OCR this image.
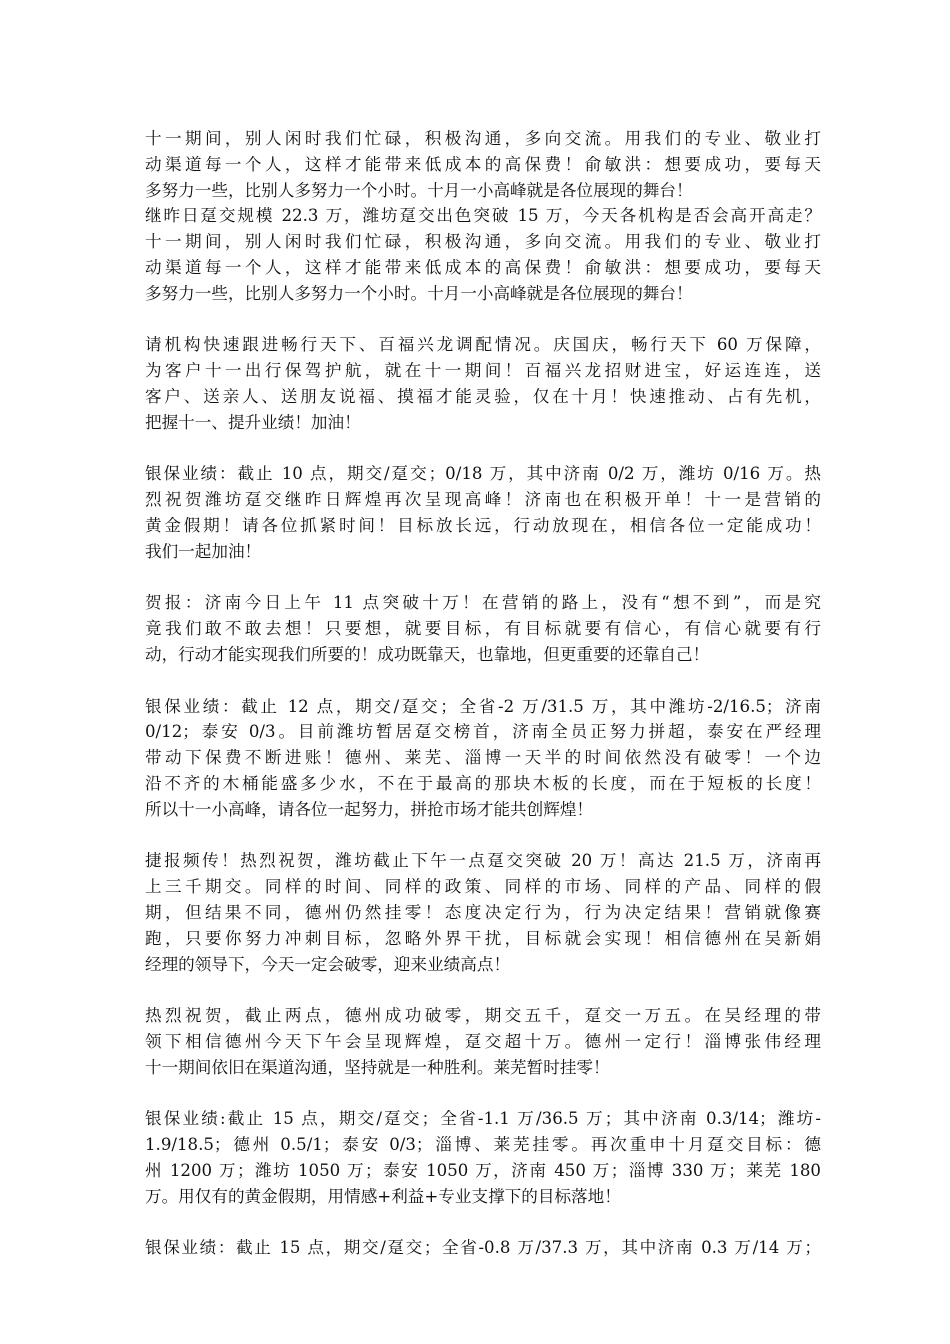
十一期间，别人闲时我们忙碌，积极沟通，多向交流。用我们的专业、敬业打
动渠道每一个人，这样才能带来低成本的高保费！俞敏洪：想要成功，要每天
多努力一些，比别人多努力一个小时。十月一小高峰就是各位展现的舞台！
继昨日趸交规模 22.3 万，潍坊趸交出色突破 15 万，今天各机构是否会高开高走？
十一期间，别人闲时我们忙碌，积极沟通，多向交流。用我们的专业、敬业打
动渠道每一个人，这样才能带来低成本的高保费！俞敏洪：想要成功，要每天
多努力一些，比别人多努力一个小时。十月一小高峰就是各位展现的舞台！
请机构快速跟进畅行天下、百福兴龙调配情况。庆国庆，畅行天下 60 万保障，
为客户十一出行保驾护航，就在十一期间！百福兴龙招财进宝，好运连连，送
客户、送亲人、送朋友说福、摸福才能灵验，仅在十月！快速推动、占有先机，
把握十一、提升业绩！加油！
银保业绩：截止 10 点，期交/趸交；0/18 万，其中济南 0/2 万，潍坊 0/16 万。热
烈祝贺潍坊趸交继昨日辉煌再次呈现高峰！济南也在积极开单！十一是营销的
黄金假期！请各位抓紧时间！目标放长远，行动放现在，相信各位一定能成功！
我们一起加油！
贺报：济南今日上午 11 点突破十万！在营销的路上，没有“想不到”，而是究
竟我们敢不敢去想！只要想，就要目标，有目标就要有信心，有信心就要有行
动，行动才能实现我们所要的！成功既靠天，也靠地，但更重要的还靠自己！
银保业绩：截止 12 点，期交/趸交；全省-2 万/31.5 万，其中潍坊-2/16.5；济南
0/12；泰安 0/3。目前潍坊暂居趸交榜首，济南全员正努力拼超，泰安在严经理
带动下保费不断进账！德州、莱芜、淄博一天半的时间依然没有破零！一个边
沿不齐的木桶能盛多少水，不在于最高的那块木板的长度，而在于短板的长度！
所以十一小高峰，请各位一起努力，拼抢市场才能共创辉煌！
捷报频传！热烈祝贺，潍坊截止下午一点趸交突破 20 万！高达 21.5 万，济南再
上三千期交。同样的时间、同样的政策、同样的市场、同样的产品、同样的假
期，但结果不同，德州仍然挂零！态度决定行为，行为决定结果！营销就像赛
跑，只要你努力冲刺目标，忽略外界干扰，目标就会实现！相信德州在吴新娟
经理的领导下，今天一定会破零，迎来业绩高点！
热烈祝贺，截止两点，德州成功破零，期交五千，趸交一万五。在吴经理的带
领下相信德州今天下午会呈现辉煌，趸交超十万。德州一定行！淄博张伟经理
十一期间依旧在渠道沟通，坚持就是一种胜利。莱芜暂时挂零！
银保业绩:截止 15 点，期交/趸交；全省-1.1 万/36.5 万；其中济南 0.3/14；潍坊-
1.9/18.5；德州 0.5/1；泰安 0/3；淄博、莱芜挂零。再次重申十月趸交目标：德
州 1200 万；潍坊 1050 万；泰安 1050 万，济南 450 万；淄博 330 万；莱芜 180
万。用仅有的黄金假期，用情感+利益+专业支撑下的目标落地！
银保业绩：截止 15 点，期交/趸交；全省-0.8 万/37.3 万，其中济南 0.3 万/14 万；
